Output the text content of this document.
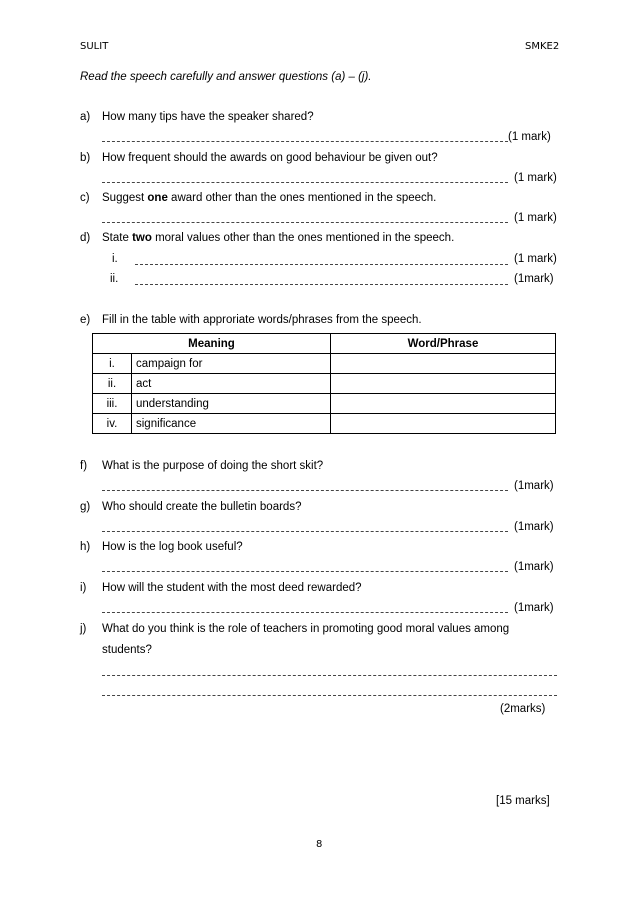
SULIT	SMKE2
Read the speech carefully and answer questions (a) – (j).
a) How many tips have the speaker shared?
(1 mark)
b) How frequent should the awards on good behaviour be given out?
(1 mark)
c) Suggest one award other than the ones mentioned in the speech.
(1 mark)
d) State two moral values other than the ones mentioned in the speech.
i.	(1 mark)
ii.	(1mark)
e) Fill in the table with approriate words/phrases from the speech.
Meaning		Word/Phrase
i.	campaign for	
ii.	act	
iii.	understanding	
iv.	significance	
f) What is the purpose of doing the short skit?
(1mark)
g) Who should create the bulletin boards?
(1mark)
h) How is the log book useful?
(1mark)
i) How will the student with the most deed rewarded?
(1mark)
j) What do you think is the role of teachers in promoting good moral values among
students?
(2marks)
[15 marks]
8
